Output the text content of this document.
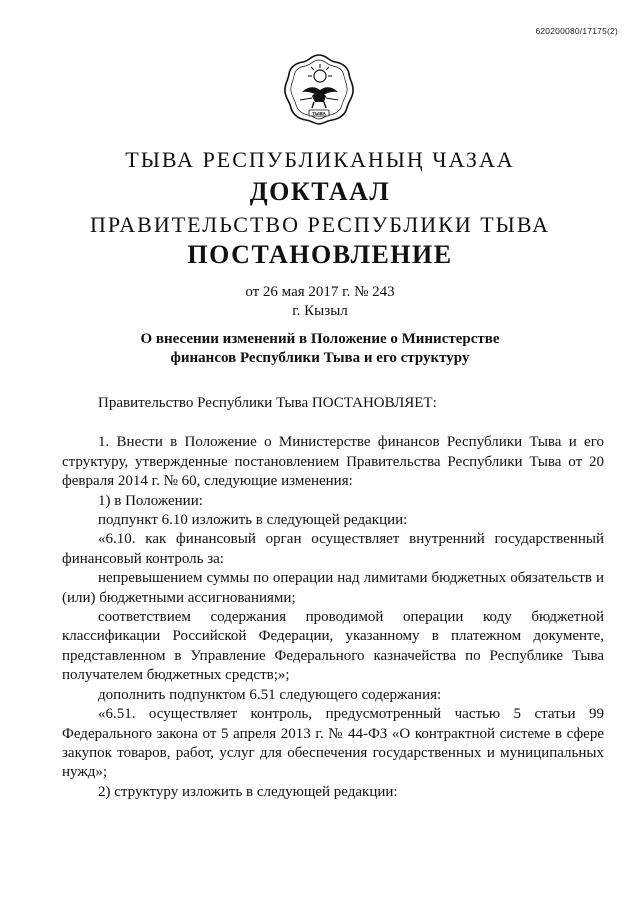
620200080/17175(2)
ТЫВА
ТЫВА РЕСПУБЛИКАНЫҢ ЧАЗАА
ДОКТААЛ
ПРАВИТЕЛЬСТВО РЕСПУБЛИКИ ТЫВА
ПОСТАНОВЛЕНИЕ
от 26 мая 2017 г. № 243
г. Кызыл
О внесении изменений в Положение о Министерстве
финансов Республики Тыва и его структуру

Правительство Республики Тыва ПОСТАНОВЛЯЕТ:

1. Внести в Положение о Министерстве финансов Республики Тыва и его структуру, утвержденные постановлением Правительства Республики Тыва от 20 февраля 2014 г. № 60, следующие изменения:

1) в Положении:

подпункт 6.10 изложить в следующей редакции:

«6.10. как финансовый орган осуществляет внутренний государственный финансовый контроль за:

непревышением суммы по операции над лимитами бюджетных обязательств и (или) бюджетными ассигнованиями;

соответствием содержания проводимой операции коду бюджетной классификации Российской Федерации, указанному в платежном документе, представленном в Управление Федерального казначейства по Республике Тыва получателем бюджетных средств;»;

дополнить подпунктом 6.51 следующего содержания:

«6.51. осуществляет контроль, предусмотренный частью 5 статьи 99 Федерального закона от 5 апреля 2013 г. № 44-ФЗ «О контрактной системе в сфере закупок товаров, работ, услуг для обеспечения государственных и муниципальных нужд»;

2) структуру изложить в следующей редакции:
